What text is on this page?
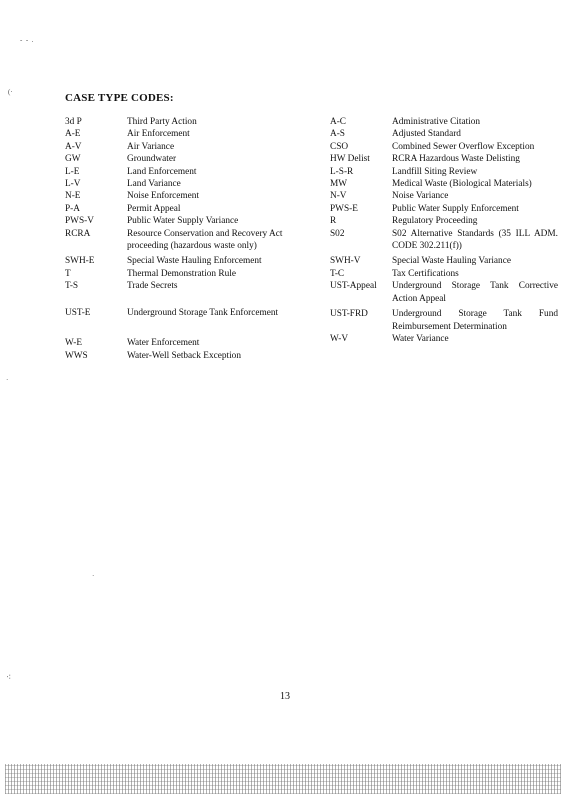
-  -  .
(·	CASE TYPE CODES:
3d P	Third Party Action
A-E	Air Enforcement
A-V	Air Variance
GW	Groundwater
L-E	Land Enforcement
L-V	Land Variance
N-E	Noise Enforcement
P-A	Permit Appeal
PWS-V	Public Water Supply Variance
RCRA	Resource Conservation and Recovery Act proceeding (hazardous waste only)
SWH-E	Special Waste Hauling Enforcement
T	Thermal Demonstration Rule
T-S	Trade Secrets
UST-E	Underground Storage Tank Enforcement
W-E	Water Enforcement
WWS	Water-Well Setback Exception
A-C	Administrative Citation
A-S	Adjusted Standard
CSO	Combined Sewer Overflow Exception
HW Delist	RCRA Hazardous Waste Delisting
L-S-R	Landfill Siting Review
MW	Medical Waste (Biological Materials)
N-V	Noise Variance
PWS-E	Public Water Supply Enforcement
R	Regulatory Proceeding
S02	S02 Alternative Standards (35 ILL ADM. CODE 302.211(f))
SWH-V	Special Waste Hauling Variance
T-C	Tax Certifications
UST-Appeal	Underground Storage Tank Corrective Action Appeal
UST-FRD	Underground Storage Tank Fund Reimbursement Determination
W-V	Water Variance
·
·
⁖
13
